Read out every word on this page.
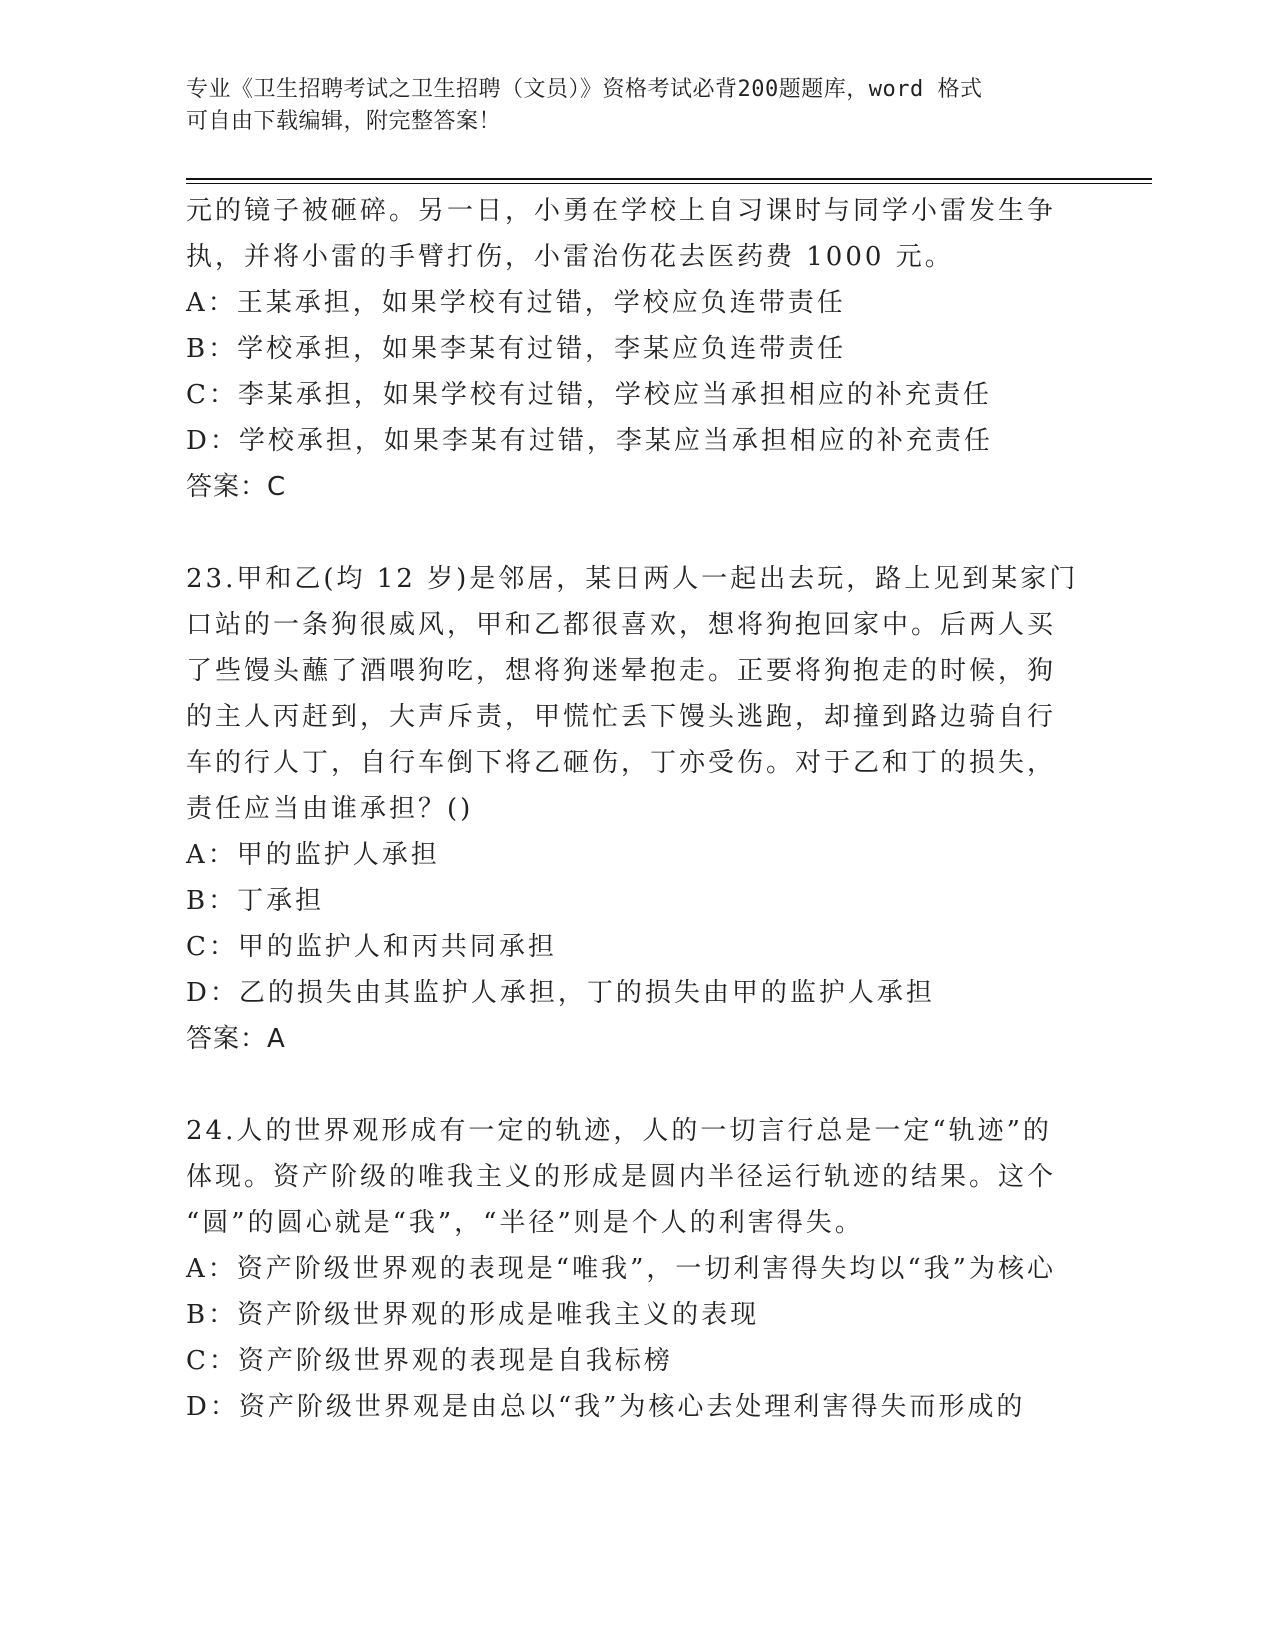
专业《卫生招聘考试之卫生招聘（文员）》资格考试必背200题题库，word 格式
可自由下载编辑，附完整答案！
元的镜子被砸碎。另一日，小勇在学校上自习课时与同学小雷发生争
执，并将小雷的手臂打伤，小雷治伤花去医药费 1000 元。
A：王某承担，如果学校有过错，学校应负连带责任
B：学校承担，如果李某有过错，李某应负连带责任
C：李某承担，如果学校有过错，学校应当承担相应的补充责任
D：学校承担，如果李某有过错，李某应当承担相应的补充责任
答案：C
23.甲和乙(均 12 岁)是邻居，某日两人一起出去玩，路上见到某家门
口站的一条狗很威风，甲和乙都很喜欢，想将狗抱回家中。后两人买
了些馒头蘸了酒喂狗吃，想将狗迷晕抱走。正要将狗抱走的时候，狗
的主人丙赶到，大声斥责，甲慌忙丢下馒头逃跑，却撞到路边骑自行
车的行人丁，自行车倒下将乙砸伤，丁亦受伤。对于乙和丁的损失，
责任应当由谁承担？()
A：甲的监护人承担
B：丁承担
C：甲的监护人和丙共同承担
D：乙的损失由其监护人承担，丁的损失由甲的监护人承担
答案：A
24.人的世界观形成有一定的轨迹，人的一切言行总是一定“轨迹”的
体现。资产阶级的唯我主义的形成是圆内半径运行轨迹的结果。这个
“圆”的圆心就是“我”，“半径”则是个人的利害得失。
A：资产阶级世界观的表现是“唯我”，一切利害得失均以“我”为核心
B：资产阶级世界观的形成是唯我主义的表现
C：资产阶级世界观的表现是自我标榜
D：资产阶级世界观是由总以“我”为核心去处理利害得失而形成的
